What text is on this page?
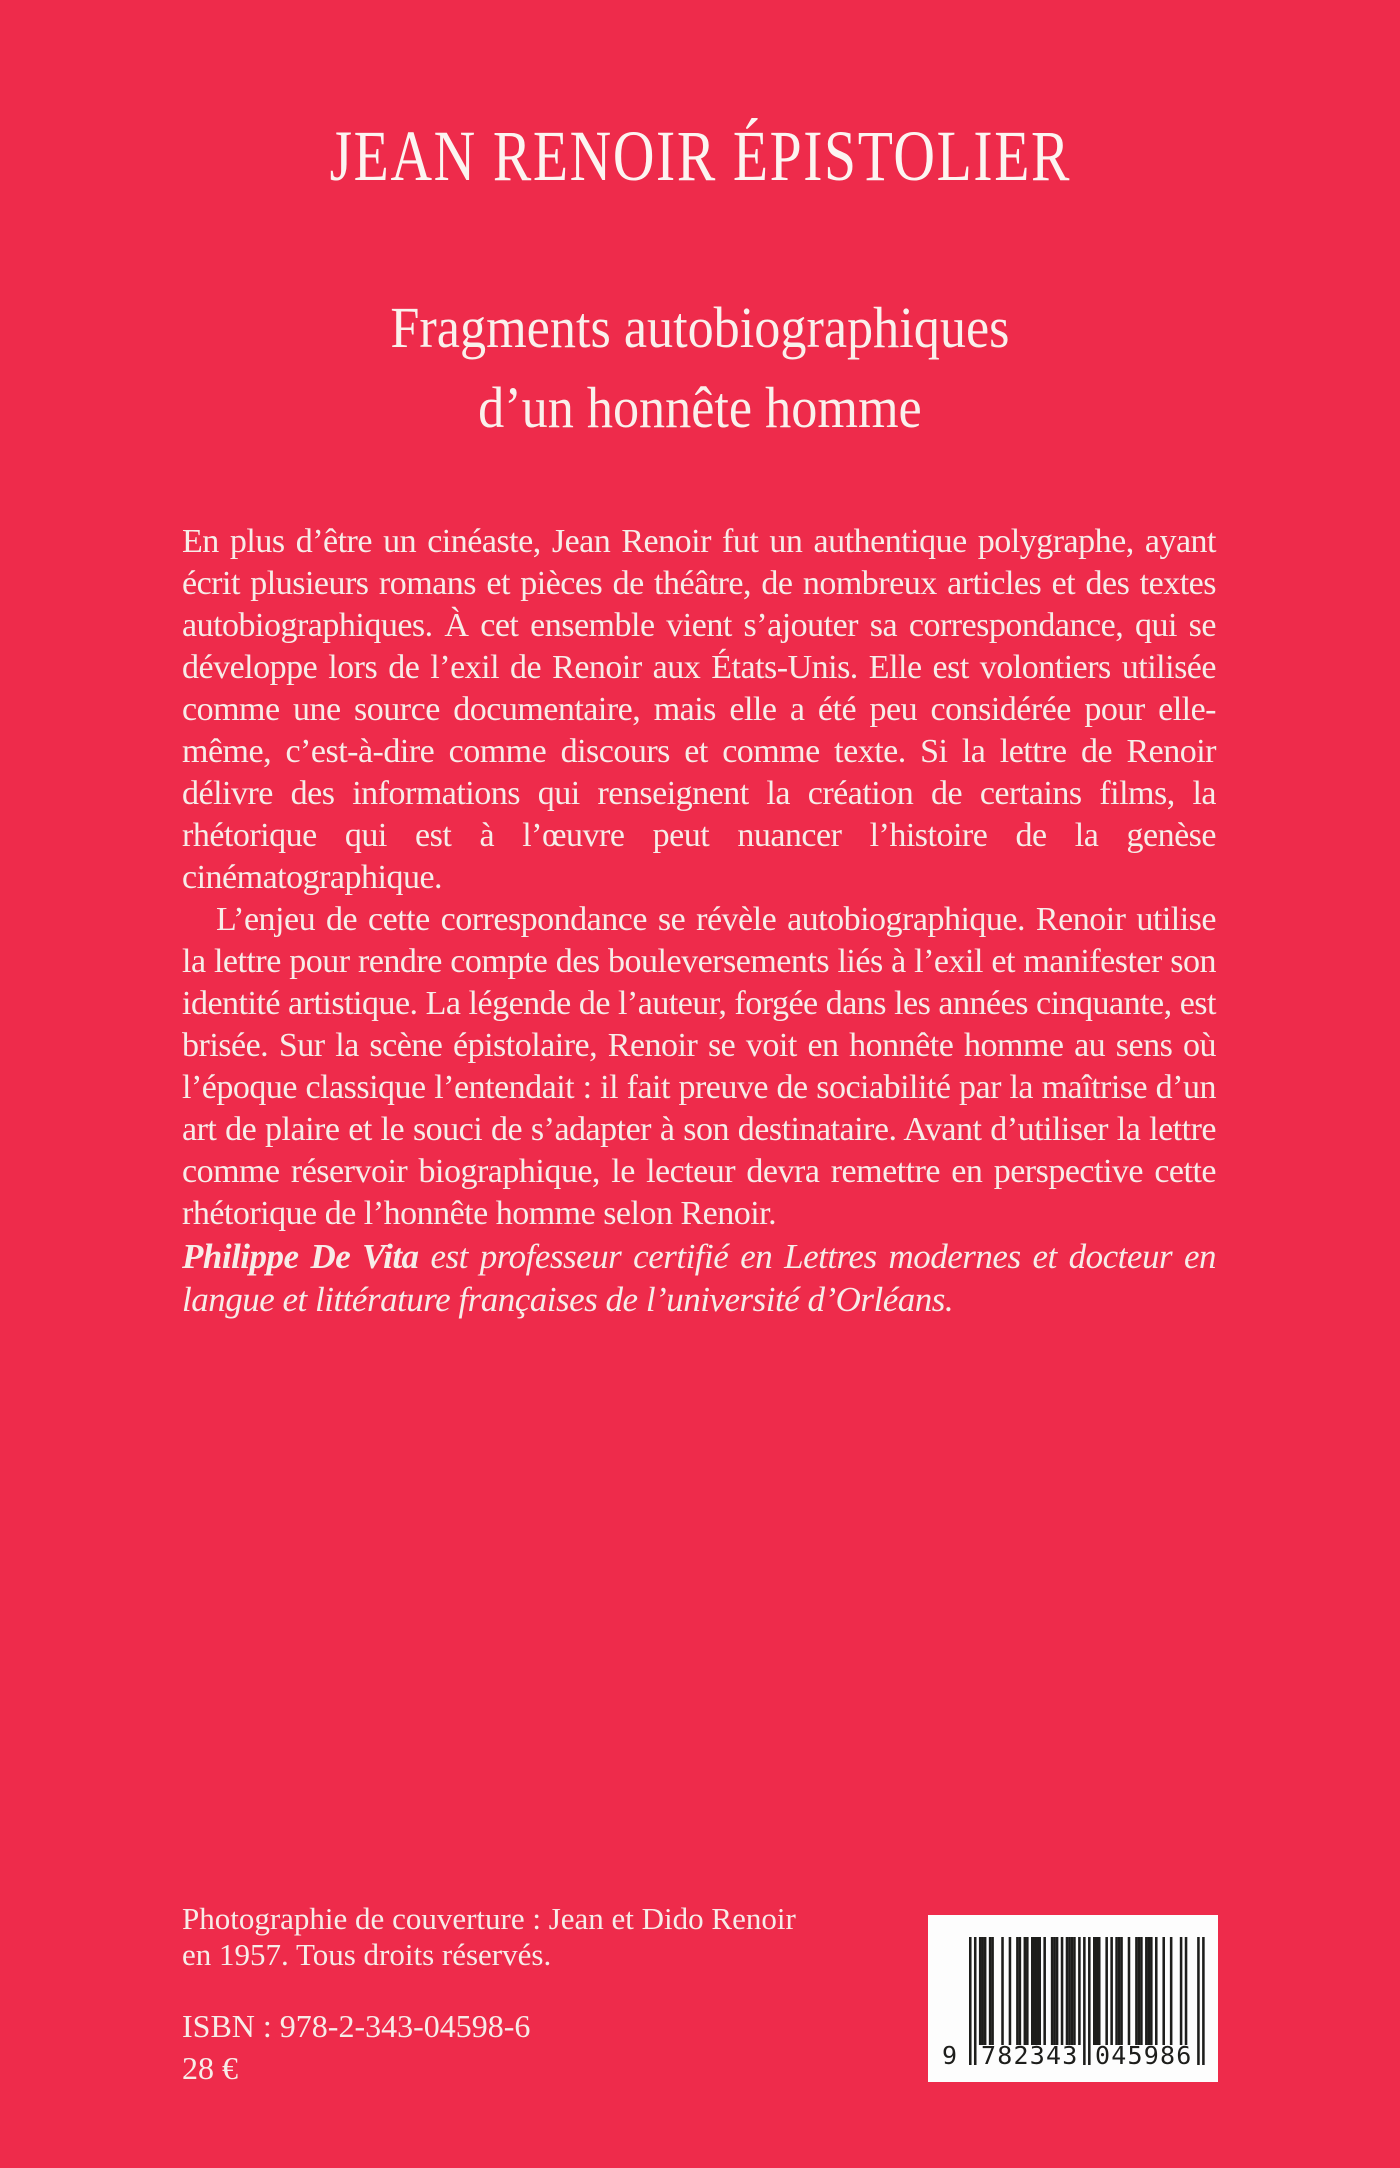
JEAN RENOIR ÉPISTOLIER
Fragments autobiographiques
d’un honnête homme

En plus d’être un cinéaste, Jean Renoir fut un authentique polygraphe, ayant écrit plusieurs romans et pièces de théâtre, de nombreux articles et des textes autobiographiques. À cet ensemble vient s’ajouter sa correspondance, qui se développe lors de l’exil de Renoir aux États-Unis. Elle est volontiers utilisée comme une source documentaire, mais elle a été peu considérée pour elle-même, c’est-à-dire comme discours et comme texte. Si la lettre de Renoir délivre des informations qui renseignent la création de certains films, la rhétorique qui est à l’œuvre peut nuancer l’histoire de la genèse cinématographique.

L’enjeu de cette correspondance se révèle autobiographique. Renoir utilise la lettre pour rendre compte des bouleversements liés à l’exil et manifester son identité artistique. La légende de l’auteur, forgée dans les années cinquante, est brisée. Sur la scène épistolaire, Renoir se voit en honnête homme au sens où l’époque classique l’entendait : il fait preuve de sociabilité par la maîtrise d’un art de plaire et le souci de s’adapter à son destinataire. Avant d’utiliser la lettre comme réservoir biographique, le lecteur devra remettre en perspective cette rhétorique de l’honnête homme selon Renoir.

Philippe De Vita est professeur certifié en Lettres modernes et docteur en langue et littérature françaises de l’université d’Orléans.

Photographie de couverture : Jean et Dido Renoir
en 1957. Tous droits réservés.
ISBN : 978-2-343-04598-6
28 €	9 782343 045986
